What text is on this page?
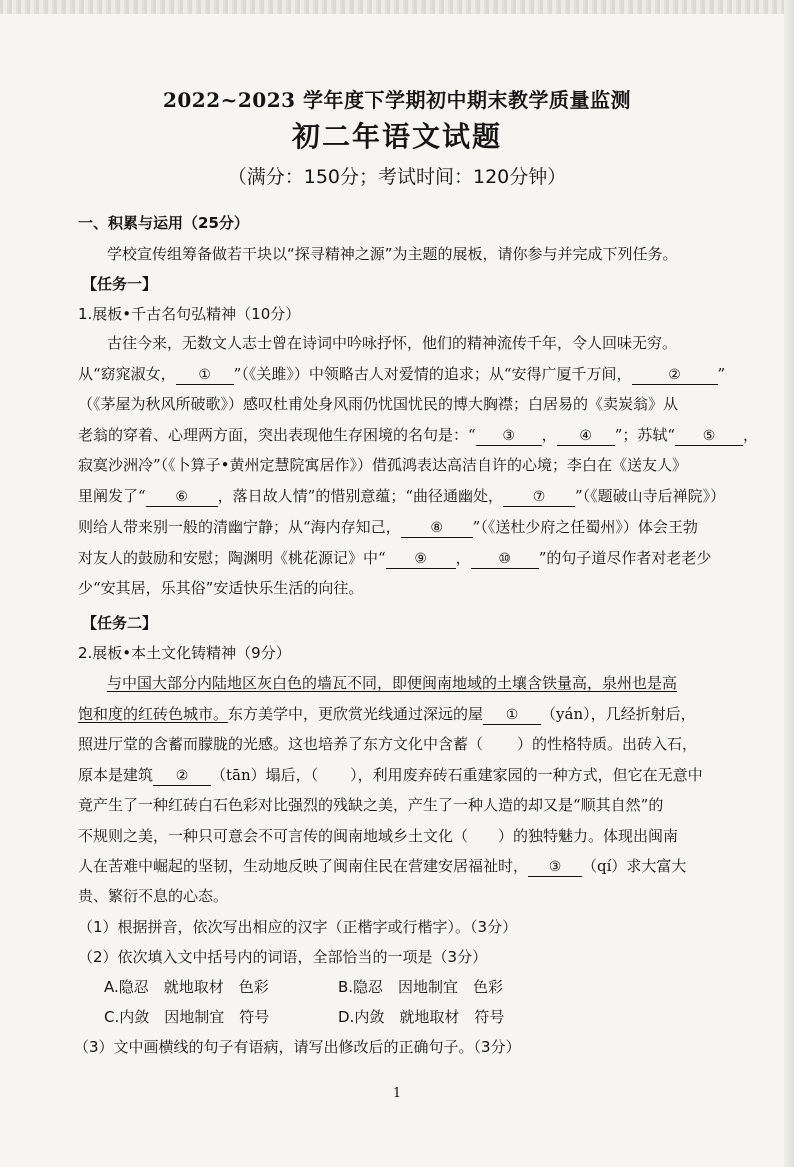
2022~2023 学年度下学期初中期末教学质量监测
初二年语文试题
（满分：150分；考试时间：120分钟）
一、积累与运用（25分）
学校宣传组筹备做若干块以“探寻精神之源”为主题的展板，请你参与并完成下列任务。
【任务一】
1.展板•千古名句弘精神（10分）
古往今来，无数文人志士曾在诗词中吟咏抒怀，他们的精神流传千年，令人回味无穷。
从“窈窕淑女， ① ”（《关雎》）中领略古人对爱情的追求；从“安得广厦千万间，	② ”
（《茅屋为秋风所破歌》）感叹杜甫处身风雨仍忧国忧民的博大胸襟；白居易的《卖炭翁》从
老翁的穿着、心理两方面，突出表现他生存困境的名句是：“ ③ ， ④ ”；苏轼“ ⑤ ，
寂寞沙洲冷”（《卜算子•黄州定慧院寓居作》）借孤鸿表达高洁自许的心境；李白在《送友人》
里阐发了“ ⑥ ，落日故人情”的惜别意蕴；“曲径通幽处， ⑦ ”（《题破山寺后禅院》）
则给人带来别一般的清幽宁静；从“海内存知己， ⑧ ”（《送杜少府之任蜀州》）体会王勃
对友人的鼓励和安慰；陶渊明《桃花源记》中“ ⑨ ， ⑩ ”的句子道尽作者对老老少
少“安其居，乐其俗”安适快乐生活的向往。
【任务二】
2.展板•本土文化铸精神（9分）
与中国大部分内陆地区灰白色的墙瓦不同，即便闽南地域的土壤含铁量高，泉州也是高
饱和度的红砖色城市。东方美学中，更欣赏光线通过深远的屋 ① （yán），几经折射后，
照进厅堂的含蓄而朦胧的光感。这也培养了东方文化中含蓄（ ）的性格特质。出砖入石，
原本是建筑 ② （tān）塌后，（ ），利用废弃砖石重建家园的一种方式，但它在无意中
竟产生了一种红砖白石色彩对比强烈的残缺之美，产生了一种人造的却又是“顺其自然”的
不规则之美，一种只可意会不可言传的闽南地域乡土文化（ ）的独特魅力。体现出闽南
人在苦难中崛起的坚韧，生动地反映了闽南住民在营建安居福祉时， ③ （qí）求大富大
贵、繁衍不息的心态。
（1）根据拼音，依次写出相应的汉字（正楷字或行楷字）。（3分）
（2）依次填入文中括号内的词语，全部恰当的一项是（3分）
A.隐忍　就地取材　色彩	B.隐忍　因地制宜　色彩
C.内敛　因地制宜　符号	D.内敛　就地取材　符号
（3）文中画横线的句子有语病，请写出修改后的正确句子。（3分）
1
